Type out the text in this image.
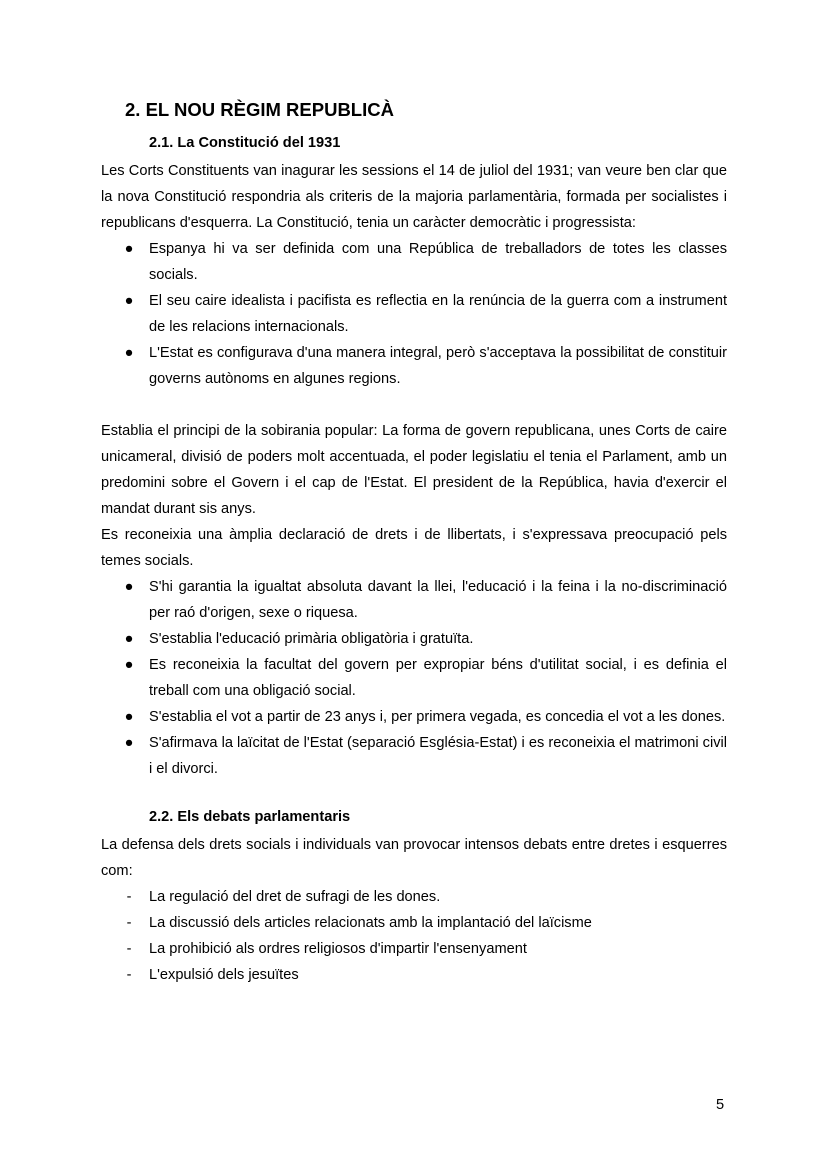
2. EL NOU RÈGIM REPUBLICÀ
2.1. La Constitució del 1931

Les Corts Constituents van inagurar les sessions el 14 de juliol del 1931; van veure ben clar que la nova Constitució respondria als criteris de la majoria parlamentària, formada per socialistes i republicans d'esquerra. La Constitució, tenia un caràcter democràtic i progressista:

● Espanya hi va ser definida com una República de treballadors de totes les classes socials.
● El seu caire idealista i pacifista es reflectia en la renúncia de la guerra com a instrument de les relacions internacionals.
● L'Estat es configurava d'una manera integral, però s'acceptava la possibilitat de constituir governs autònoms en algunes regions.

Establia el principi de la sobirania popular: La forma de govern republicana, unes Corts de caire unicameral, divisió de poders molt accentuada, el poder legislatiu el tenia el Parlament, amb un predomini sobre el Govern i el cap de l'Estat. El president de la República, havia d'exercir el mandat durant sis anys.

Es reconeixia una àmplia declaració de drets i de llibertats, i s'expressava preocupació pels temes socials.

● S'hi garantia la igualtat absoluta davant la llei, l'educació i la feina i la no-discriminació per raó d'origen, sexe o riquesa.
● S'establia l'educació primària obligatòria i gratuïta.
● Es reconeixia la facultat del govern per expropiar béns d'utilitat social, i es definia el treball com una obligació social.
● S'establia el vot a partir de 23 anys i, per primera vegada, es concedia el vot a les dones.
● S'afirmava la laïcitat de l'Estat (separació Església-Estat) i es reconeixia el matrimoni civil i el divorci.
2.2. Els debats parlamentaris

La defensa dels drets socials i individuals van provocar intensos debats entre dretes i esquerres com:

-	La regulació del dret de sufragi de les dones.
-	La discussió dels articles relacionats amb la implantació del laïcisme
-	La prohibició als ordres religiosos d'impartir l'ensenyament
-	L'expulsió dels jesuïtes
5
